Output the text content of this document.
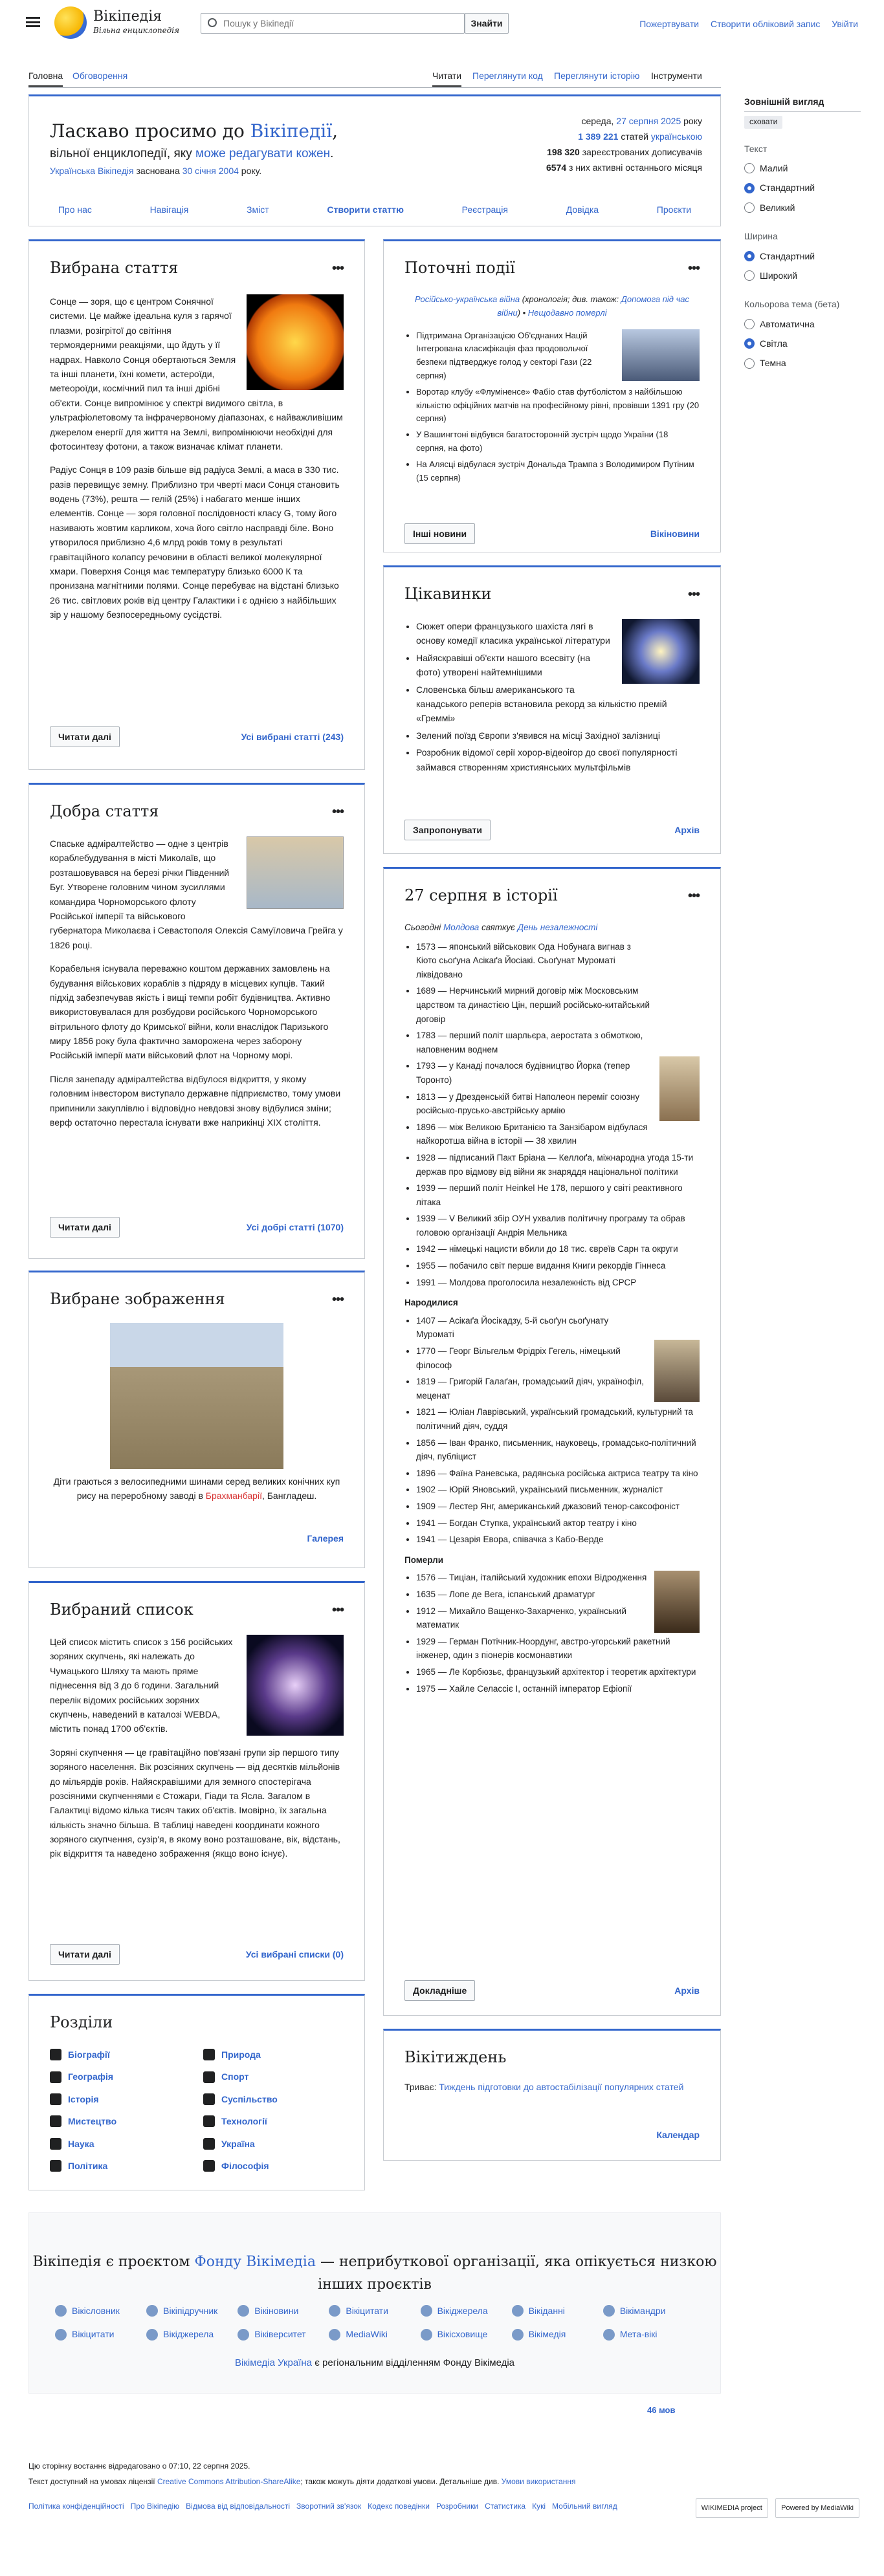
Вікіпедія
Вільна енциклопедія
Пошук у Вікіпедії
Знайти	Пожертвувати Створити обліковий запис Увійти
Головна Обговорення	Читати Переглянути код Переглянути історію Інструменти
Зовнішній вигляд
сховати
Текст
Малий
Стандартний
Великий
Ширина
Стандартний
Широкий
Кольорова тема (бета)
Автоматична
Світла
Темна
Ласкаво просимо до Вікіпедії,
вільної енциклопедії, яку може редагувати кожен.
Українська Вікіпедія заснована 30 січня 2004 року.
середа, 27 серпня 2025 року
1 389 221 статей українською
198 320 зареєстрованих дописувачів
6574 з них активні останнього місяця
Про нас	Навігація	Зміст	Створити статтю	Реєстрація	Довідка	Проєкти
Вибрана стаття	•••

Сонце — зоря, що є центром Сонячної системи. Це майже ідеальна куля з гарячої плазми, розігрітої до світіння термоядерними реакціями, що йдуть у її надрах. Навколо Сонця обертаються Земля та інші планети, їхні комети, астероїди, метеороїди, космічний пил та інші дрібні об'єкти. Сонце випромінює у спектрі видимого світла, в ультрафіолетовому та інфрачервоному діапазонах, є найважливішим джерелом енергії для життя на Землі, випромінюючи необхідні для фотосинтезу фотони, а також визначає клімат планети.

Радіус Сонця в 109 разів більше від радіуса Землі, а маса в 330 тис. разів перевищує земну. Приблизно три чверті маси Сонця становить водень (73%), решта — гелій (25%) і набагато менше інших елементів. Сонце — зоря головної послідовності класу G, тому його називають жовтим карликом, хоча його світло насправді біле. Воно утворилося приблизно 4,6 млрд років тому в результаті гравітаційного колапсу речовини в області великої молекулярної хмари. Поверхня Сонця має температуру близько 6000 К та пронизана магнітними полями. Сонце перебуває на відстані близько 26 тис. світлових років від центру Галактики і є однією з найбільших зір у нашому безпосередньому сусідстві.

Читати далі	Усі вибрані статті (243)
Добра стаття	•••

Спаське адміралтейство — одне з центрів кораблебудування в місті Миколаїв, що розташовувався на березі річки Південний Буг. Утворене головним чином зусиллями командира Чорноморського флоту Російської імперії та військового губернатора Миколаєва і Севастополя Олексія Самуїловича Грейга у 1826 році.

Корабельня існувала переважно коштом державних замовлень на будування військових кораблів з підряду в місцевих купців. Такий підхід забезпечував якість і вищі темпи робіт будівництва. Активно використовувалася для розбудови російського Чорноморського вітрильного флоту до Кримської війни, коли внаслідок Паризького миру 1856 року була фактично заморожена через заборону Російській імперії мати військовий флот на Чорному морі.

Після занепаду адміралтейства відбулося відкриття, у якому головним інвестором виступало державне підприємство, тому умови припинили закуплівлю і відповідно невдовзі знову відбулися зміни; верф остаточно перестала існувати вже наприкінці XIX століття.

Читати далі	Усі добрі статті (1070)
Вибране зображення	•••

Діти граються з велосипедними шинами серед великих конічних куп рису на переробному заводі в Брахманбарії, Бангладеш.

Галерея
Вибраний список	•••

Цей список містить список з 156 російських зоряних скупчень, які належать до Чумацького Шляху та мають пряме піднесення від 3 до 6 години. Загальний перелік відомих російських зоряних скупчень, наведений в каталозі WEBDA, містить понад 1700 об'єктів.

Зоряні скупчення — це гравітаційно пов'язані групи зір першого типу зоряного населення. Вік розсіяних скупчень — від десятків мільйонів до мільярдів років. Найяскравішими для земного спостерігача розсіяними скупченнями є Стожари, Гіади та Ясла. Загалом в Галактиці відомо кілька тисяч таких об'єктів. Імовірно, їх загальна кількість значно більша. В таблиці наведені координати кожного зоряного скупчення, сузір'я, в якому воно розташоване, вік, відстань, рік відкриття та наведено зображення (якщо воно існує).

Читати далі	Усі вибрані списки (0)
Розділи
Біографії	Природа
Географія	Спорт
Історія	Суспільство
Мистецтво	Технології
Наука	Україна
Політика	Філософія
Поточні події	•••

Російсько-українська війна (хронологія; див. також: Допомога під час війни) • Нещодавно померлі

• Підтримана Організацією Об'єднаних Націй Інтегрована класифікація фаз продовольчої безпеки підтверджує голод у секторі Гази (22 серпня)
• Воротар клубу «Флуміненсе» Фабіо став футболістом з найбільшою кількістю офіційних матчів на професійному рівні, провівши 1391 гру (20 серпня)
• У Вашингтоні відбувся багатосторонній зустріч щодо України (18 серпня, на фото)
• На Алясці відбулася зустріч Дональда Трампа з Володимиром Путіним (15 серпня)
Інші новини	Вікіновини
Цікавинки	•••
• Сюжет опери французького шахіста лягі в основу комедії класика української літератури
• Найяскравіші об'єкти нашого всесвіту (на фото) утворені найтемнішими
• Словенська більш американського та канадського реперів встановила рекорд за кількістю премій «Греммі»
• Зелений поїзд Європи з'явився на місці Західної залізниці
• Розробник відомої серії хорор-відеоігор до своєї популярності займався створенням християнських мультфільмів
Запропонувати	Архів
27 серпня в історії	•••

Сьогодні Молдова святкує День незалежності

• 1573 — японський військовик Ода Нобунага вигнав з Кіото сьоґуна Асікаґа Йосіакі. Сьоґунат Муроматі ліквідовано
• 1689 — Нерчинський мирний договір між Московським царством та династією Цін, перший російсько-китайський договір
• 1783 — перший політ шарльєра, аеростата з обмоткою, наповненим воднем
• 1793 — у Канаді почалося будівництво Йорка (тепер Торонто)
• 1813 — у Дрезденській битві Наполеон переміг союзну російсько-прусько-австрійську армію
• 1896 — між Великою Британією та Занзібаром відбулася найкоротша війна в історії — 38 хвилин
• 1928 — підписаний Пакт Бріана — Келлоґа, міжнародна угода 15-ти держав про відмову від війни як знаряддя національної політики
• 1939 — перший політ Heinkel He 178, першого у світі реактивного літака
• 1939 — V Великий збір ОУН ухвалив політичну програму та обрав головою організації Андрія Мельника
• 1942 — німецькі нацисти вбили до 18 тис. євреїв Сарн та округи
• 1955 — побачило світ перше видання Книги рекордів Гіннеса
• 1991 — Молдова проголосила незалежність від СРСР

Народилися

• 1407 — Асікаґа Йосікадзу, 5-й сьоґун сьоґунату Муроматі
• 1770 — Георг Вільгельм Фрідріх Гегель, німецький філософ
• 1819 — Григорій Галаґан, громадський діяч, українофіл, меценат
• 1821 — Юліан Лаврівський, український громадський, культурний та політичний діяч, суддя
• 1856 — Іван Франко, письменник, науковець, громадсько-політичний діяч, публіцист
• 1896 — Фаїна Раневська, радянська російська актриса театру та кіно
• 1902 — Юрій Яновський, український письменник, журналіст
• 1909 — Лестер Янг, американський джазовий тенор-саксофоніст
• 1941 — Богдан Ступка, український актор театру і кіно
• 1941 — Цезарія Евора, співачка з Кабо-Верде

Померли

• 1576 — Тиціан, італійський художник епохи Відродження
• 1635 — Лопе де Вега, іспанський драматург
• 1912 — Михайло Ващенко-Захарченко, український математик
• 1929 — Герман Потічник-Ноордунг, австро-угорський ракетний інженер, один з піонерів космонавтики
• 1965 — Ле Корбюзьє, французький архітектор і теоретик архітектури
• 1975 — Хайле Селассіє I, останній імператор Ефіопії
Докладніше	Архів
Вікітиждень

Триває: Тиждень підготовки до автостабілізації популярних статей

Календар
Вікіпедія є проєктом Фонду Вікімедіа — неприбуткової організації, яка опікується низкою інших проєктів
Вікісловник	Вікіпідручник	Вікіновини	Вікіцитати	Вікіджерела	Вікіданні	Вікімандри
Вікіцитати	Вікіджерела	Віківерситет	MediaWiki	Вікісховище	Вікімедія	Мета-вікі
Вікімедіа Україна є регіональним відділенням Фонду Вікімедіа
46 мов
Цю сторінку востаннє відредаговано о 07:10, 22 серпня 2025.
Текст доступний на умовах ліцензії Creative Commons Attribution-ShareAlike; також можуть діяти додаткові умови. Детальніше див. Умови використання
Політика конфіденційності Про Вікіпедію Відмова від відповідальності Зворотний зв'язок Кодекс поведінки Розробники Статистика Кукі Мобільний вигляд	WIKIMEDIA project	Powered by MediaWiki
